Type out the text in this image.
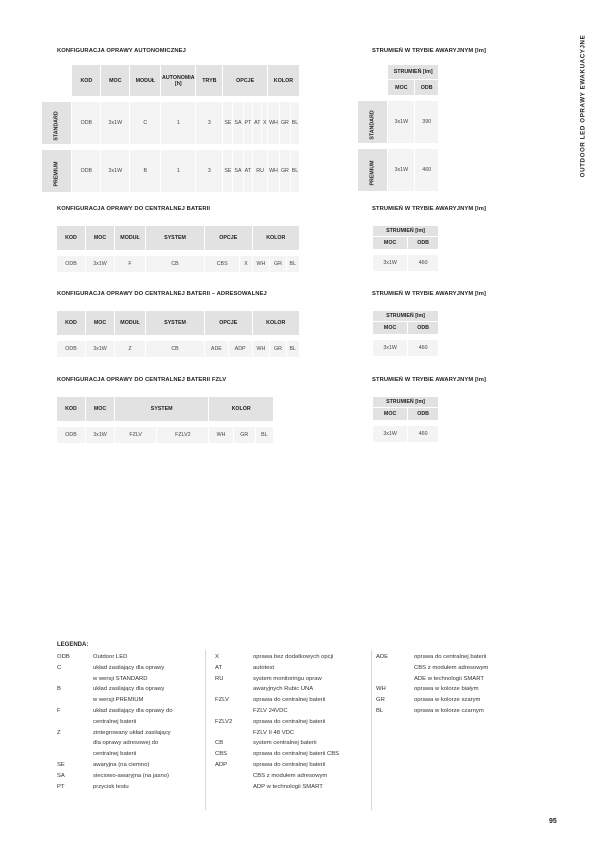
OUTDOOR LED OPRAWY EWAKUACYJNE
KONFIGURACJA OPRAWY AUTONOMICZNEJ	STRUMIEŃ W TRYBIE AWARYJNYM [lm]
	KOD	MOC	MODUŁ	AUTONOMIA [h]	TRYB	OPCJE					KOLOR		

STANDARD	ODB	3x1W	C	1	3	SE	SA	PT	AT	X	WH	GR	BL

PREMIUM	ODB	3x1W	B	1	3	SE	SA	AT	RU		WH	GR	BL
	STRUMIEŃ [lm]	
	MOC	ODB

STANDARD	3x1W	390

PREMIUM	3x1W	460
KONFIGURACJA OPRAWY DO CENTRALNEJ BATERII	STRUMIEŃ W TRYBIE AWARYJNYM [lm]
KOD	MOC	MODUŁ	SYSTEM	OPCJE		KOLOR		

ODB	3x1W	F	CB	CBS	X	WH	GR	BL
STRUMIEŃ [lm]	
MOC	ODB

3x1W	460
KONFIGURACJA OPRAWY DO CENTRALNEJ BATERII – ADRESOWALNEJ	STRUMIEŃ W TRYBIE AWARYJNYM [lm]
KOD	MOC	MODUŁ	SYSTEM	OPCJE		KOLOR		

ODB	3x1W	Z	CB	ADE	ADP	WH	GR	BL
STRUMIEŃ [lm]	
MOC	ODB

3x1W	460
KONFIGURACJA OPRAWY DO CENTRALNEJ BATERII FZLV	STRUMIEŃ W TRYBIE AWARYJNYM [lm]
KOD	MOC	SYSTEM		KOLOR		

ODB	3x1W	FZLV	FZLV2	WH	GR	BL
STRUMIEŃ [lm]	
MOC	ODB

3x1W	460
LEGENDA:
ODB	Outdoor LED
C	układ zasilający dla oprawy
w wersji STANDARD
B	układ zasilający dla oprawy
w wersji PREMIUM
F	układ zasilający dla oprawy do
centralnej baterii
Z	zintegrowany układ zasilający
dla oprawy adresowej do
centralnej baterii
SE	awaryjna (na ciemno)
SA	sieciowo-awaryjna (na jasno)
PT	przycisk testu
X	oprawa bez dodatkowych opcji
AT	autotest
RU	system monitoringu opraw
awaryjnych Rubic UNA
FZLV	oprawa do centralnej baterii
FZLV 24VDC
FZLV2	oprawa do centralnej baterii
FZLV II 48 VDC
CB	system centralnej baterii
CBS	oprawa do centralnej baterii CBS
ADP	oprawa do centralnej baterii
CBS z modułem adresowym
ADP w technologii SMART
ADE	oprawa do centralnej baterii
CBS z modułem adresowym
ADE w technologii SMART
WH	oprawa w kolorze białym
GR	oprawa w kolorze szarym
BL	oprawa w kolorze czarnym
95
